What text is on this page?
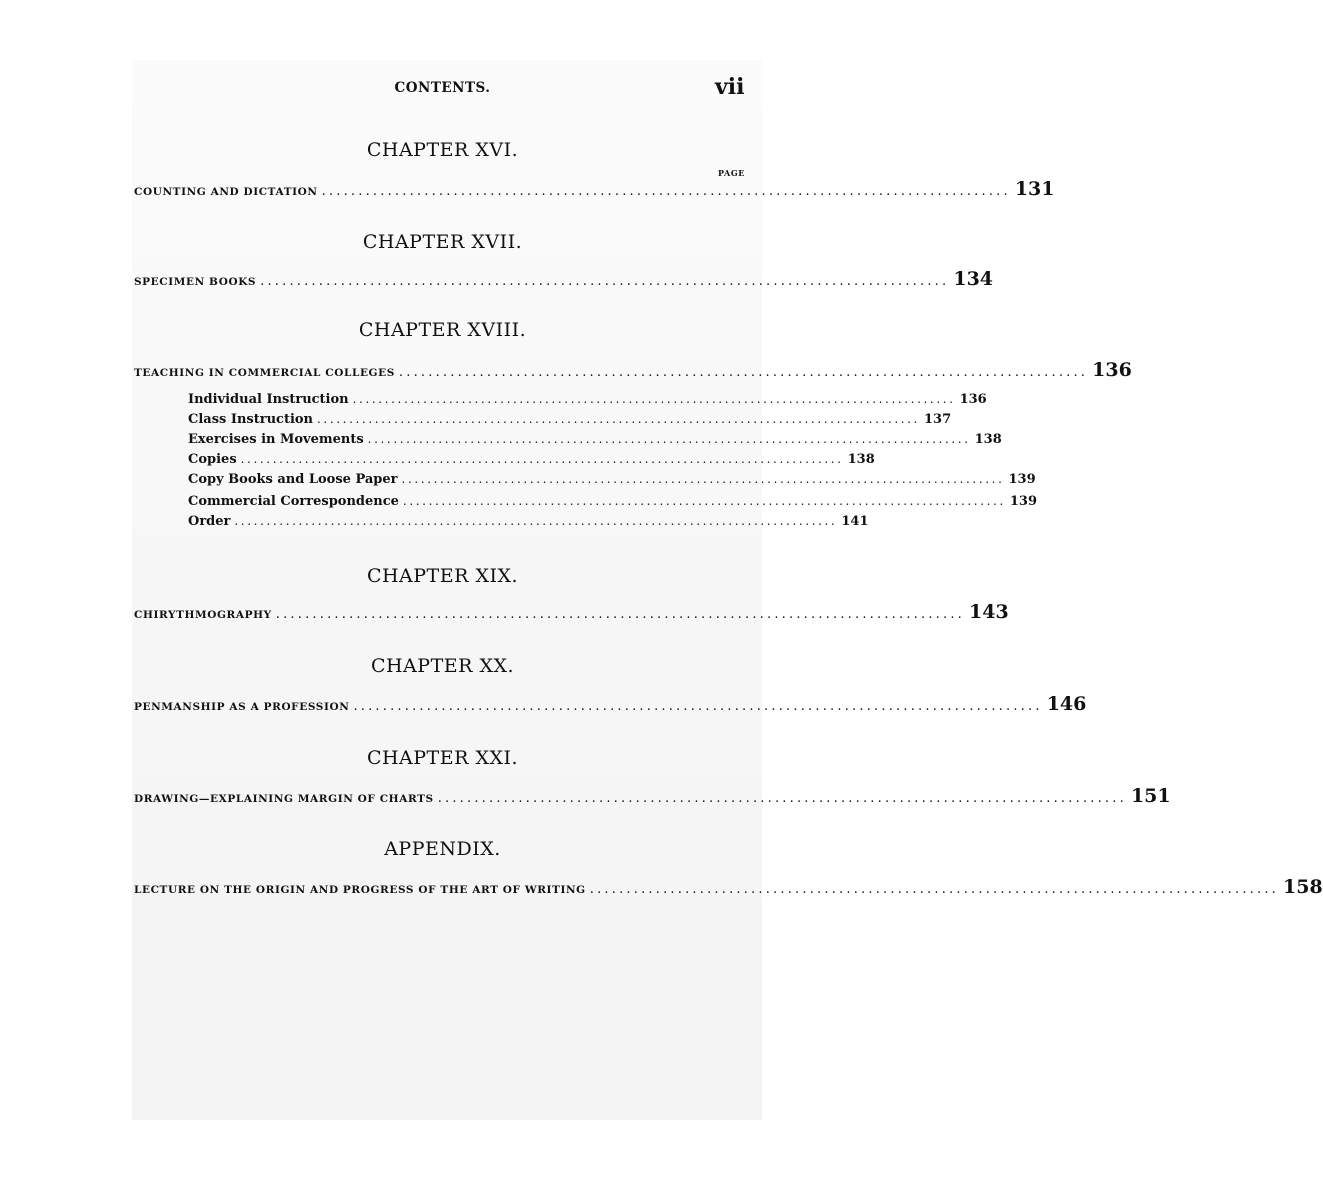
CONTENTS.	vii
CHAPTER XVI.
PAGE
COUNTING AND DICTATION .............................................................................................. 131
CHAPTER XVII.
SPECIMEN BOOKS .............................................................................................. 134
CHAPTER XVIII.
TEACHING IN COMMERCIAL COLLEGES .............................................................................................. 136
Individual Instruction .............................................................................................. 136
Class Instruction .............................................................................................. 137
Exercises in Movements .............................................................................................. 138
Copies .............................................................................................. 138
Copy Books and Loose Paper .............................................................................................. 139
Commercial Correspondence .............................................................................................. 139
Order .............................................................................................. 141
CHAPTER XIX.
CHIRYTHMOGRAPHY .............................................................................................. 143
CHAPTER XX.
PENMANSHIP AS A PROFESSION .............................................................................................. 146
CHAPTER XXI.
DRAWING—EXPLAINING MARGIN OF CHARTS .............................................................................................. 151
APPENDIX.
LECTURE ON THE ORIGIN AND PROGRESS OF THE ART OF WRITING .............................................................................................. 158
